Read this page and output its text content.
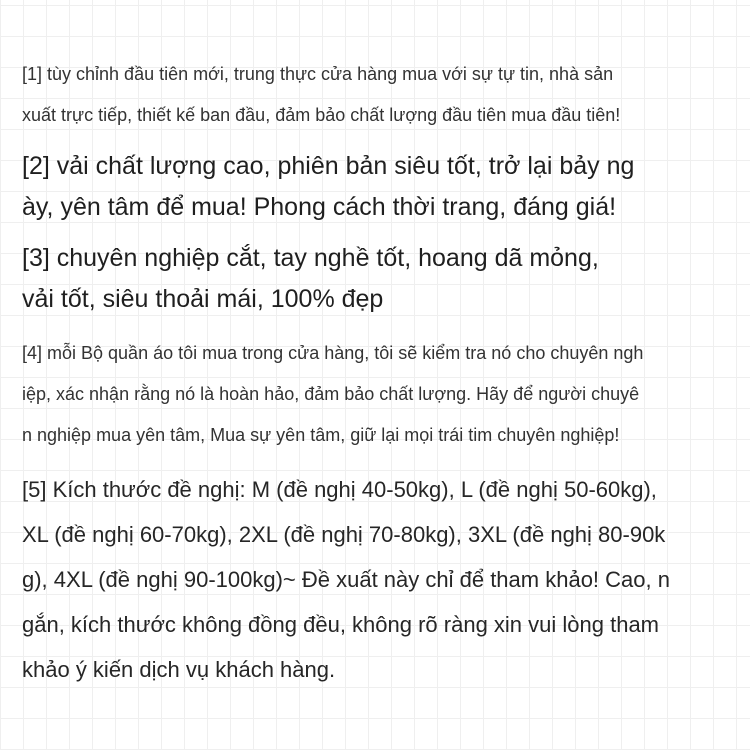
[1] tùy chỉnh đầu tiên mới, trung thực cửa hàng mua với sự tự tin, nhà sản
xuất trực tiếp, thiết kế ban đầu, đảm bảo chất lượng đầu tiên mua đầu tiên!

[2] vải chất lượng cao, phiên bản siêu tốt, trở lại bảy ng
ày, yên tâm để mua! Phong cách thời trang, đáng giá!

[3] chuyên nghiệp cắt, tay nghề tốt, hoang dã mỏng,
vải tốt, siêu thoải mái, 100% đẹp

[4] mỗi Bộ quần áo tôi mua trong cửa hàng, tôi sẽ kiểm tra nó cho chuyên ngh
iệp, xác nhận rằng nó là hoàn hảo, đảm bảo chất lượng. Hãy để người chuyê
n nghiệp mua yên tâm, Mua sự yên tâm, giữ lại mọi trái tim chuyên nghiệp!

[5] Kích thước đề nghị: M (đề nghị 40-50kg), L (đề nghị 50-60kg),
XL (đề nghị 60-70kg), 2XL (đề nghị 70-80kg), 3XL (đề nghị 80-90k
g), 4XL (đề nghị 90-100kg)~ Đề xuất này chỉ để tham khảo! Cao, n
gắn, kích thước không đồng đều, không rõ ràng xin vui lòng tham
khảo ý kiến dịch vụ khách hàng.
